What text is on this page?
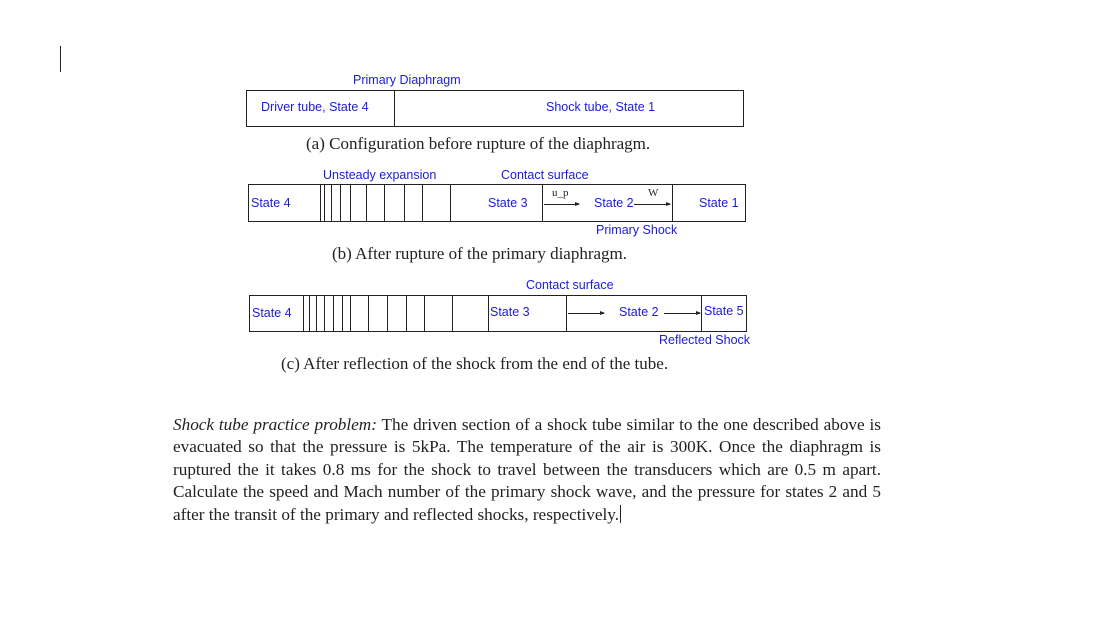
Primary Diaphragm
Driver tube, State 4	Shock tube, State 1
(a) Configuration before rupture of the diaphragm.
Unsteady expansion	Contact surface
State 4	State 3
u_p
State 2
W
State 1
Primary Shock
(b) After rupture of the primary diaphragm.
Contact surface
State 4	State 3	State 2	State 5
Reflected Shock
(c) After reflection of the shock from the end of the tube.
Shock tube practice problem: The driven section of a shock tube similar to the one described above is evacuated so that the pressure is 5kPa. The temperature of the air is 300K. Once the diaphragm is ruptured the it takes 0.8 ms for the shock to travel between the transducers which are 0.5 m apart. Calculate the speed and Mach number of the primary shock wave, and the pressure for states 2 and 5 after the transit of the primary and reflected shocks, respectively.
